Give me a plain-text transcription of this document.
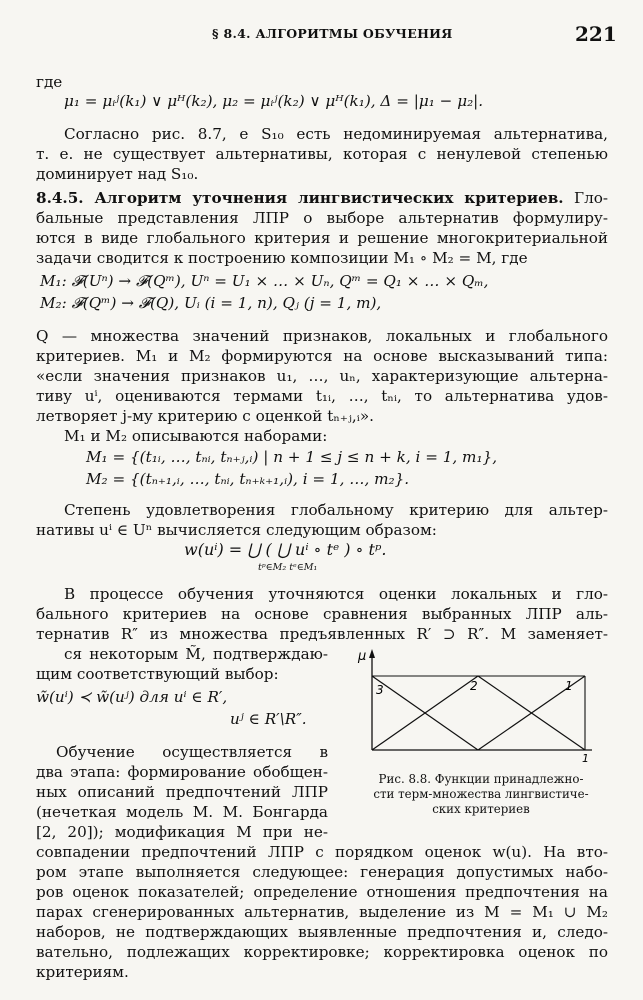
§ 8.4. АЛГОРИТМЫ ОБУЧЕНИЯ	221
где
μ₁ = μᵢʲ(k₁) ∨ μᴴ(k₂), μ₂ = μᵢʲ(k₂) ∨ μᴴ(k₁), Δ = |μ₁ − μ₂|.
Согласно рис. 8.7, е S₁₀ есть недоминируемая альтернатива,
т. е. не существует альтернативы, которая с ненулевой степенью
доминирует над S₁₀.
8.4.5. Алгоритм уточнения лингвистических критериев. Гло-
бальные представления ЛПР о выборе альтернатив формулиру-
ются в виде глобального критерия и решение многокритериальной
задачи сводится к построению композиции M₁ ∘ M₂ = M, где
M₁: 𝓕(Uⁿ) → 𝓕(Qᵐ), Uⁿ = U₁ × … × Uₙ, Qᵐ = Q₁ × … × Qₘ,
M₂: 𝓕(Qᵐ) → 𝓕(Q), Uᵢ (i = 1, n), Qⱼ (j = 1, m),
Q — множества значений признаков, локальных и глобального
критериев. M₁ и M₂ формируются на основе высказываний типа:
«если значения признаков u₁, …, uₙ, характеризующие альтерна-
тиву uⁱ, оцениваются термами t₁ᵢ, …, tₙᵢ, то альтернатива удов-
летворяет j-му критерию с оценкой tₙ₊ⱼ,ᵢ».
M₁ и M₂ описываются наборами:
M₁ = {(t₁ᵢ, …, tₙᵢ, tₙ₊ⱼ,ᵢ) | n + 1 ≤ j ≤ n + k, i = 1, m₁},
M₂ = {(tₙ₊₁,ᵢ, …, tₙᵢ, tₙ₊ₖ₊₁,ᵢ), i = 1, …, m₂}.
Степень удовлетворения глобальному критерию для альтер-
нативы uⁱ ∈ Uⁿ вычисляется следующим образом:
w(uⁱ) = ⋃ ( ⋃ uⁱ ∘ tᵉ ) ∘ tᵖ.
tᵖ∈M₂ tᵉ∈M₁
В процессе обучения уточняются оценки локальных и гло-
бального критериев на основе сравнения выбранных ЛПР аль-
тернатив R″ из множества предъявленных R′ ⊃ R″. M заменяет-
ся некоторым M̃, подтверждаю-
щим соответствующий выбор:
w̃(uⁱ) ≺ w̃(uʲ) для uⁱ ∈ R′,
uʲ ∈ R′\R″.
Обучение осуществляется в
два этапа: формирование обобщен-
ных описаний предпочтений ЛПР
(нечеткая модель М. М. Бонгарда
[2, 20]); модификация M при не-
совпадении предпочтений ЛПР с порядком оценок w(u). На вто-
ром этапе выполняется следующее: генерация допустимых набо-
ров оценок показателей; определение отношения предпочтения на
парах сгенерированных альтернатив, выделение из M = M₁ ∪ M₂
наборов, не подтверждающих выявленные предпочтения и, следо-
вательно, подлежащих корректировке; корректировка оценок по
критериям.
μ
3	2	1
1
Рис. 8.8. Функции принадлежно-
сти терм-множества лингвистиче-
ских критериев
